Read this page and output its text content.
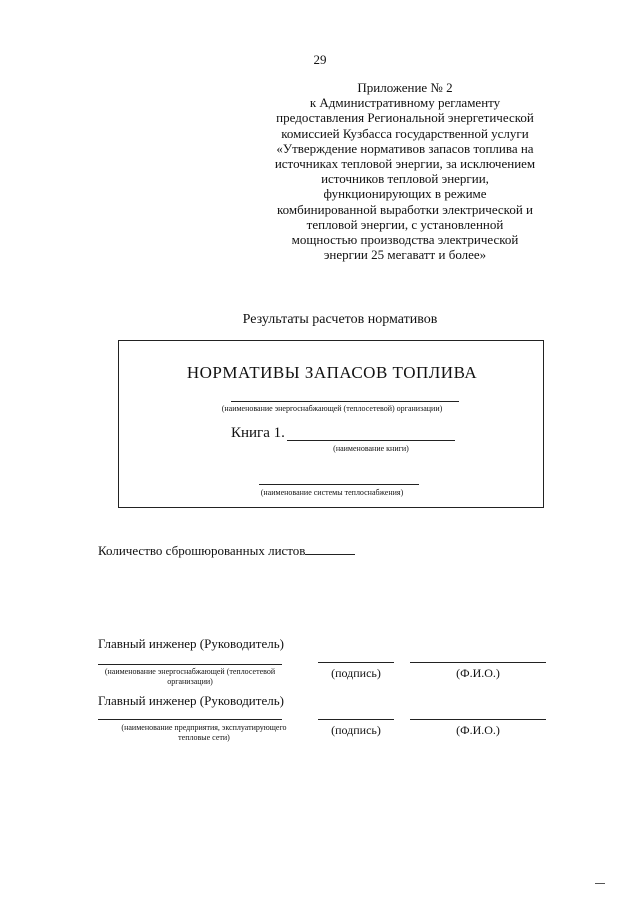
29
Приложение № 2
к Административному регламенту
предоставления Региональной энергетической
комиссией Кузбасса государственной услуги
«Утверждение нормативов запасов топлива на
источниках тепловой энергии, за исключением
источников тепловой энергии,
функционирующих в режиме
комбинированной выработки электрической и
тепловой энергии, с установленной
мощностью производства электрической
энергии 25 мегаватт и более»
Результаты расчетов нормативов
НОРМАТИВЫ ЗАПАСОВ ТОПЛИВА
(наименование энергоснабжающей (теплосетевой) организации)
Книга 1.
(наименование книги)
(наименование системы теплоснабжения)
Количество сброшюрованных листов
Главный инженер (Руководитель)
(наименование энергоснабжающей (теплосетевой
организации)
(подпись)	(Ф.И.О.)
Главный инженер (Руководитель)
(наименование предприятия, эксплуатирующего
тепловые сети)
(подпись)	(Ф.И.О.)
